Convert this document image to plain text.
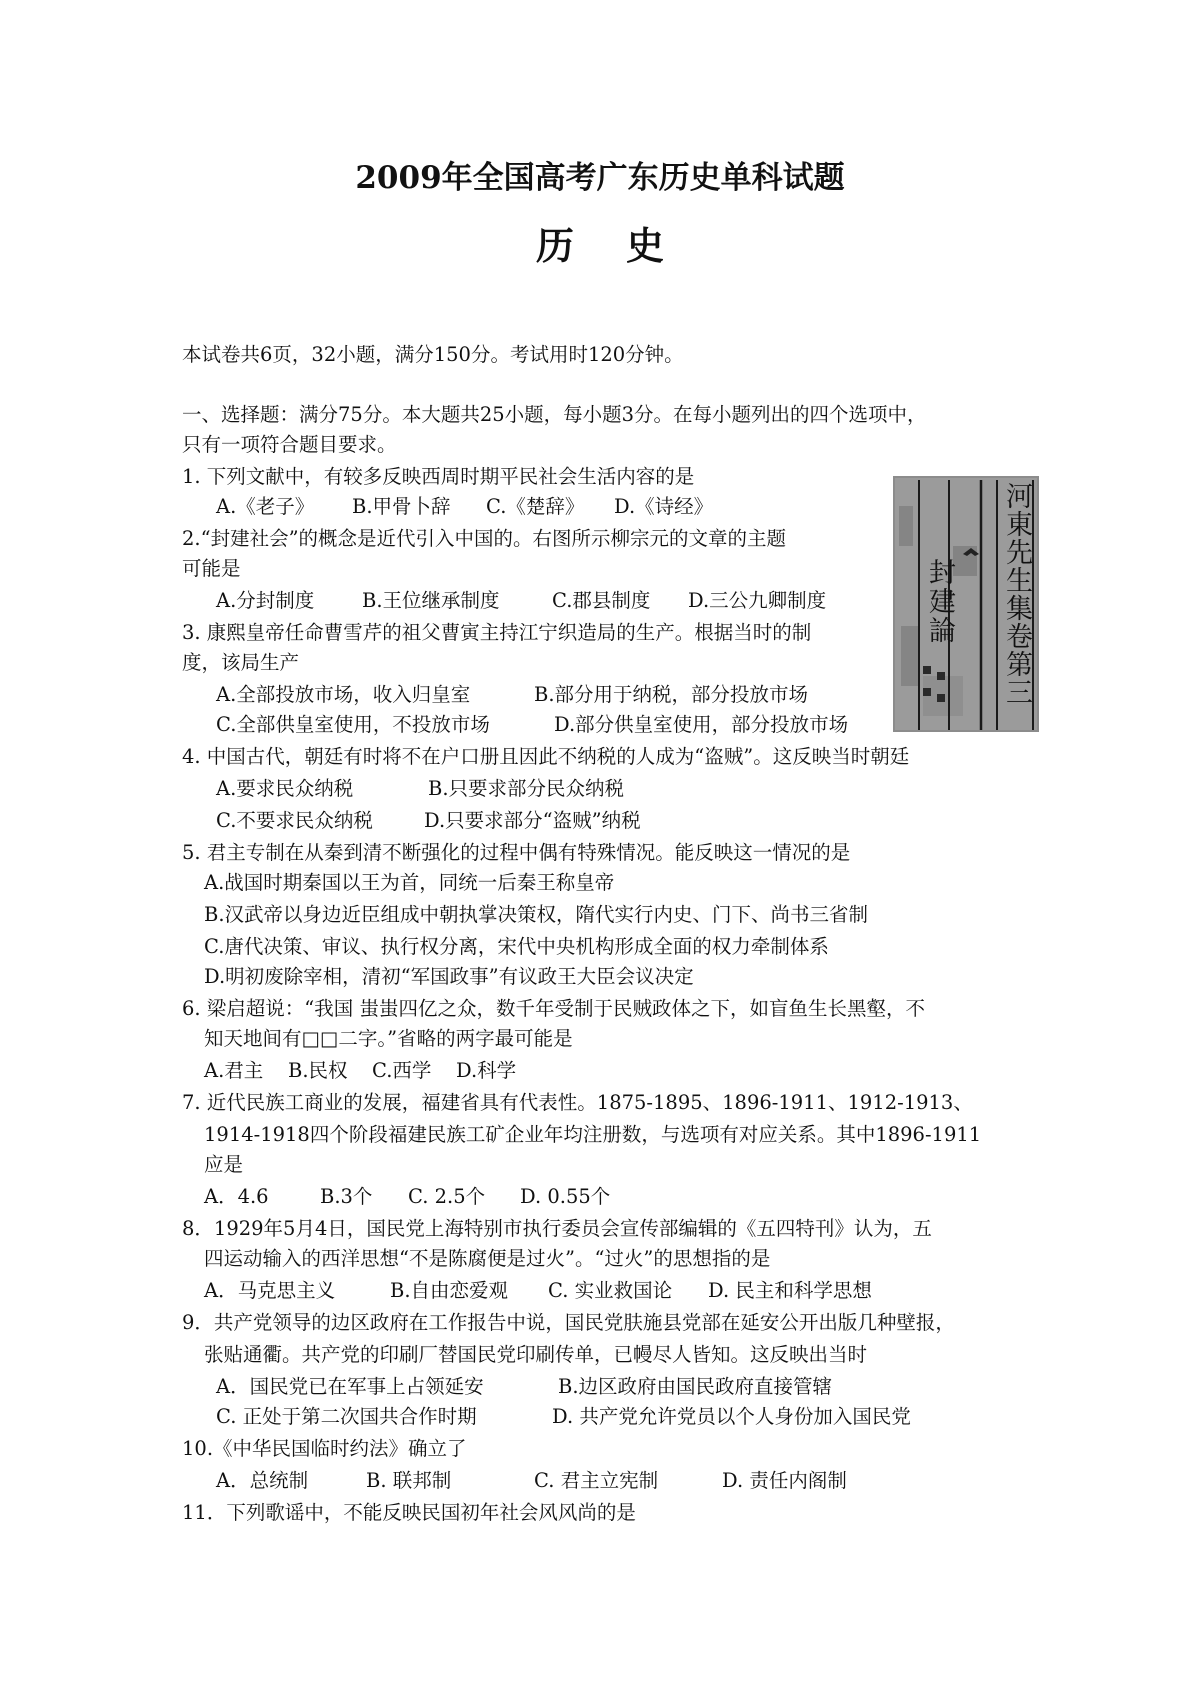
2009年全国高考广东历史单科试题
历史
本试卷共6页，32小题，满分150分。考试用时120分钟。
一、选择题：满分75分。本大题共25小题，每小题3分。在每小题列出的四个选项中，
只有一项符合题目要求。
1. 下列文献中，有较多反映西周时期平民社会生活内容的是
A.《老子》 B.甲骨卜辞 C.《楚辞》 D.《诗经》
2.“封建社会”的概念是近代引入中国的。右图所示柳宗元的文章的主题
可能是
A.分封制度 B.王位继承制度	C.郡县制度 D.三公九卿制度
3. 康熙皇帝任命曹雪芹的祖父曹寅主持江宁织造局的生产。根据当时的制
度，该局生产
A.全部投放市场，收入归皇室	B.部分用于纳税，部分投放市场
C.全部供皇室使用，不投放市场	D.部分供皇室使用，部分投放市场
4. 中国古代，朝廷有时将不在户口册且因此不纳税的人成为“盗贼”。这反映当时朝廷
A.要求民众纳税	B.只要求部分民众纳税
C.不要求民众纳税	D.只要求部分“盗贼”纳税
5. 君主专制在从秦到清不断强化的过程中偶有特殊情况。能反映这一情况的是
A.战国时期秦国以王为首，同统一后秦王称皇帝
B.汉武帝以身边近臣组成中朝执掌决策权，隋代实行内史、门下、尚书三省制
C.唐代决策、审议、执行权分离，宋代中央机构形成全面的权力牵制体系
D.明初废除宰相，清初“军国政事”有议政王大臣会议决定
6. 梁启超说：“我国 蚩蚩四亿之众，数千年受制于民贼政体之下，如盲鱼生长黑壑，不
知天地间有□□二字。”省略的两字最可能是
A.君主 B.民权 C.西学 D.科学
7. 近代民族工商业的发展，福建省具有代表性。1875-1895、1896-1911、1912-1913、
1914-1918四个阶段福建民族工矿企业年均注册数，与选项有对应关系。其中1896-1911
应是
A．4.6	B.3个 C. 2.5个 D. 0.55个
8．1929年5月4日，国民党上海特别市执行委员会宣传部编辑的《五四特刊》认为，五
四运动输入的西洋思想“不是陈腐便是过火”。“过火”的思想指的是
A．马克思主义	B.自由恋爱观 C. 实业救国论 D. 民主和科学思想
9．共产党领导的边区政府在工作报告中说，国民党肤施县党部在延安公开出版几种壁报，
张贴通衢。共产党的印刷厂替国民党印刷传单，已幔尽人皆知。这反映出当时
A．国民党已在军事上占领延安	B.边区政府由国民政府直接管辖
C. 正处于第二次国共合作时期	D. 共产党允许党员以个人身份加入国民党
10.《中华民国临时约法》确立了
A．总统制	B. 联邦制	C. 君主立宪制	D. 责任内阁制
11．下列歌谣中，不能反映民国初年社会风风尚的是
河東先生集卷第三
封建論
